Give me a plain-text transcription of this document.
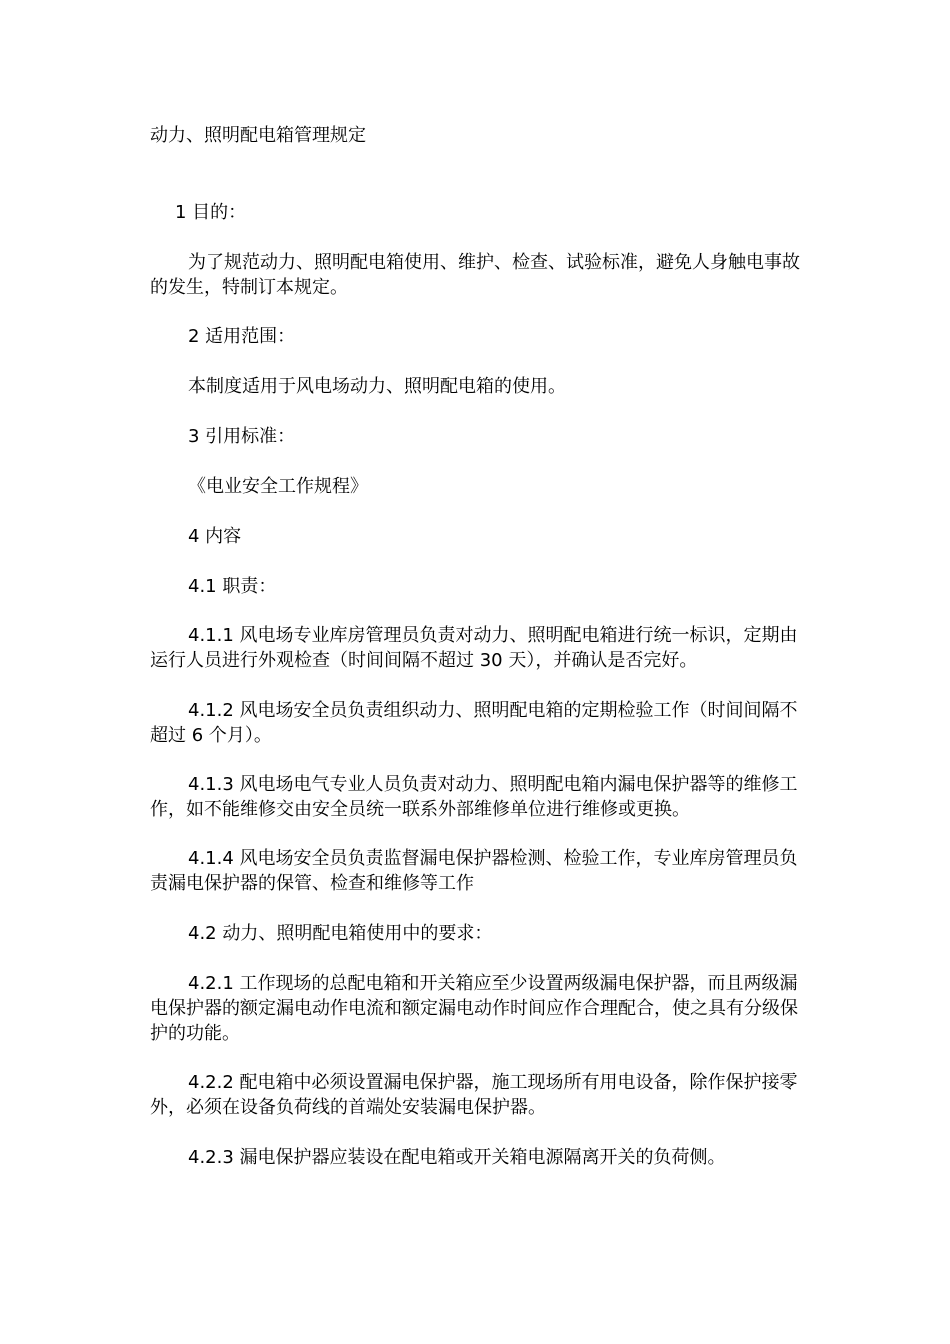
动力、照明配电箱管理规定
1 目的：
为了规范动力、照明配电箱使用、维护、检查、试验标准，避免人身触电事故的发生，特制订本规定。
2 适用范围：
本制度适用于风电场动力、照明配电箱的使用。
3 引用标准：
《电业安全工作规程》
4 内容
4.1 职责：
4.1.1 风电场专业库房管理员负责对动力、照明配电箱进行统一标识，定期由运行人员进行外观检查（时间间隔不超过 30 天），并确认是否完好。
4.1.2 风电场安全员负责组织动力、照明配电箱的定期检验工作（时间间隔不超过 6 个月）。
4.1.3 风电场电气专业人员负责对动力、照明配电箱内漏电保护器等的维修工作，如不能维修交由安全员统一联系外部维修单位进行维修或更换。
4.1.4 风电场安全员负责监督漏电保护器检测、检验工作，专业库房管理员负责漏电保护器的保管、检查和维修等工作
4.2 动力、照明配电箱使用中的要求：
4.2.1 工作现场的总配电箱和开关箱应至少设置两级漏电保护器，而且两级漏电保护器的额定漏电动作电流和额定漏电动作时间应作合理配合，使之具有分级保护的功能。
4.2.2 配电箱中必须设置漏电保护器，施工现场所有用电设备，除作保护接零外，必须在设备负荷线的首端处安装漏电保护器。
4.2.3 漏电保护器应装设在配电箱或开关箱电源隔离开关的负荷侧。
